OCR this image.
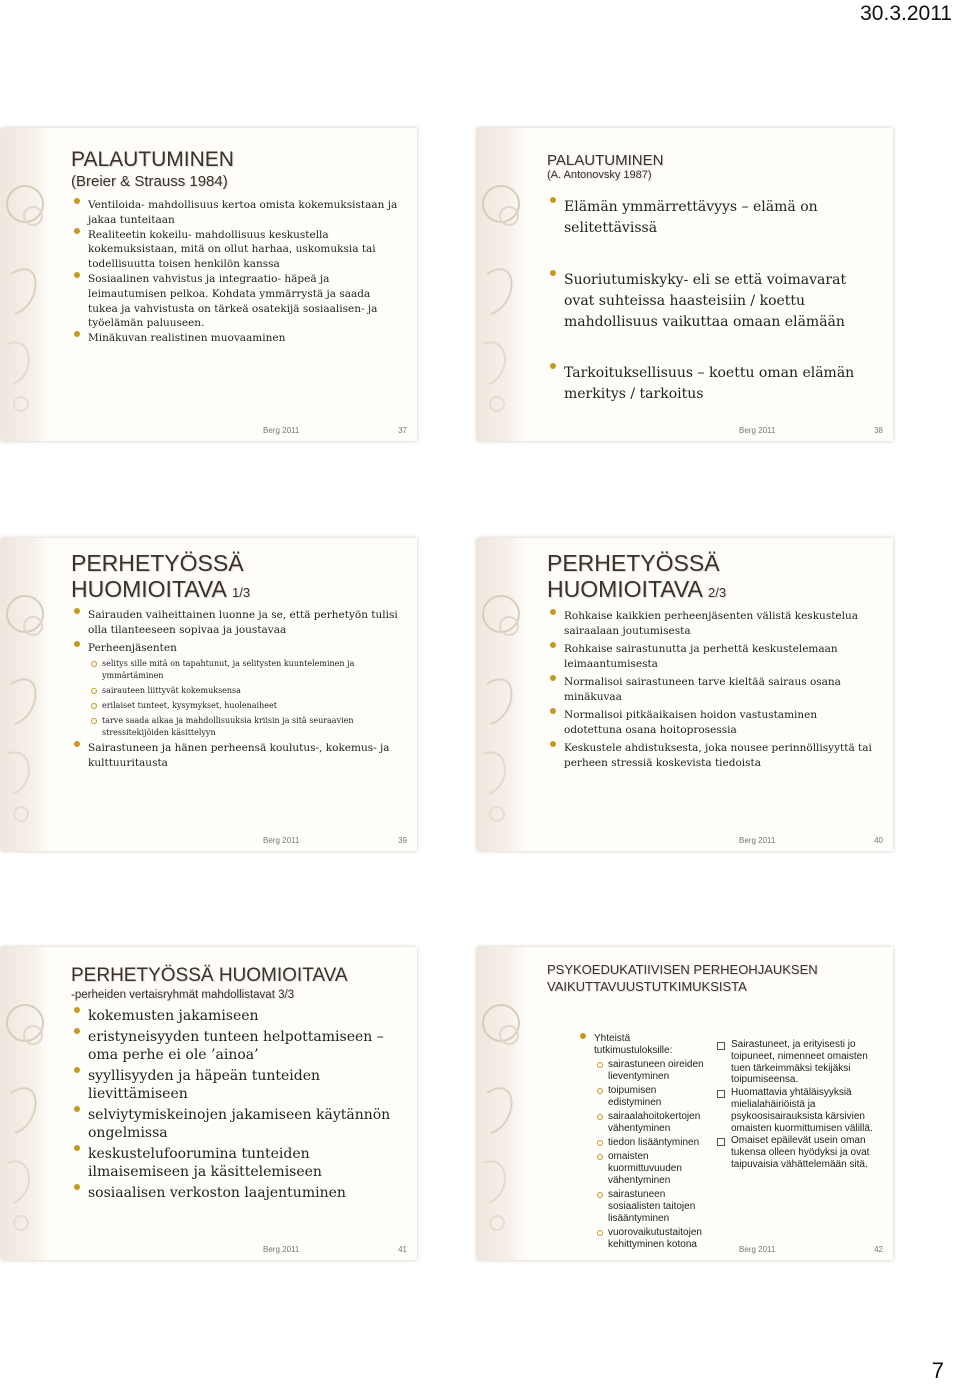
30.3.2011
PALAUTUMINEN
(Breier & Strauss 1984)
Ventiloida- mahdollisuus kertoa omista kokemuksistaan ja jakaa tunteitaan
Realiteetin kokeilu- mahdollisuus keskustella kokemuksistaan, mitä on ollut harhaa, uskomuksia tai todellisuutta toisen henkilön kanssa
Sosiaalinen vahvistus ja integraatio- häpeä ja leimautumisen pelkoa. Kohdata ymmärrystä ja saada tukea ja vahvistusta on tärkeä osatekijä sosiaalisen- ja työelämän paluuseen.
Minäkuvan realistinen muovaaminen
Berg 2011	37
PALAUTUMINEN
(A. Antonovsky 1987)
Elämän ymmärrettävyys – elämä on selitettävissä
Suoriutumiskyky- eli se että voimavarat ovat suhteissa haasteisiin / koettu mahdollisuus vaikuttaa omaan elämään
Tarkoituksellisuus – koettu oman elämän merkitys / tarkoitus
Berg 2011	38
PERHETYÖSSÄ
HUOMIOITAVA 1/3
Sairauden vaiheittainen luonne ja se, että perhetyön tulisi olla tilanteeseen sopivaa ja joustavaa
Perheenjäsenten
selitys sille mitä on tapahtunut, ja selitysten kuunteleminen ja ymmärtäminen
sairauteen liittyvät kokemuksensa
erilaiset tunteet, kysymykset, huolenaiheet
tarve saada aikaa ja mahdollisuuksia kriisin ja sitä seuraavien stressitekijöiden käsittelyyn
Sairastuneen ja hänen perheensä koulutus-, kokemus- ja kulttuuritausta
Berg 2011	39
PERHETYÖSSÄ
HUOMIOITAVA 2/3
Rohkaise kaikkien perheenjäsenten välistä keskustelua sairaalaan joutumisesta
Rohkaise sairastunutta ja perhettä keskustelemaan leimaantumisesta
Normalisoi sairastuneen tarve kieltää sairaus osana minäkuvaa
Normalisoi pitkäaikaisen hoidon vastustaminen odotettuna osana hoitoprosessia
Keskustele ahdistuksesta, joka nousee perinnöllisyyttä tai perheen stressiä koskevista tiedoista
Berg 2011	40
PERHETYÖSSÄ HUOMIOITAVA
-perheiden vertaisryhmät mahdollistavat 3/3
kokemusten jakamiseen
eristyneisyyden tunteen helpottamiseen – oma perhe ei ole ’ainoa’
syyllisyyden ja häpeän tunteiden lievittämiseen
selviytymiskeinojen jakamiseen käytännön ongelmissa
keskustelufoorumina tunteiden ilmaisemiseen ja käsittelemiseen
sosiaalisen verkoston laajentuminen
Berg 2011	41
PSYKOEDUKATIIVISEN PERHEOHJAUKSEN VAIKUTTAVUUSTUTKIMUKSISTA
Yhteistä tutkimustuloksille:
sairastuneen oireiden lieventyminen
toipumisen edistyminen
sairaalahoitokertojen vähentyminen
tiedon lisääntyminen
omaisten kuormittuvuuden vähentyminen
sairastuneen sosiaalisten taitojen lisääntyminen
vuorovaikutustaitojen kehittyminen kotona
Sairastuneet, ja erityisesti jo toipuneet, nimenneet omaisten tuen tärkeimmäksi tekijäksi toipumiseensa.
Huomattavia yhtäläisyyksiä mielialahäiriöistä ja psykoosisairauksista kärsivien omaisten kuormittumisen välillä.
Omaiset epäilevät usein oman tukensa olleen hyödyksi ja ovat taipuvaisia vähättelemään sitä.
Berg 2011	42
7
